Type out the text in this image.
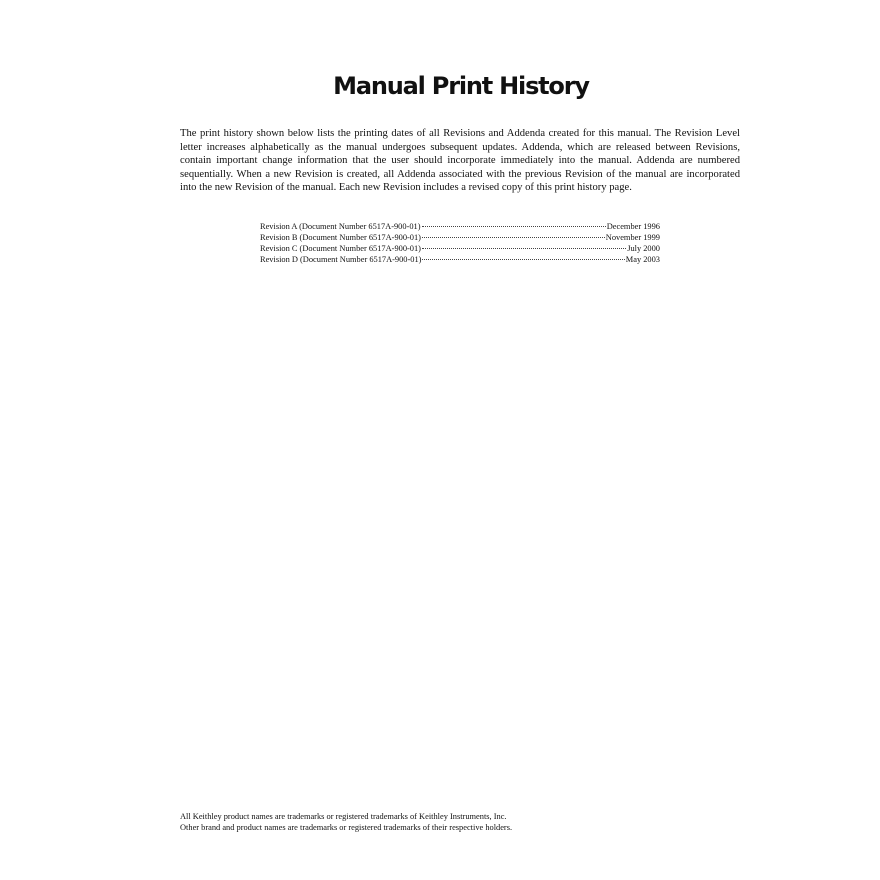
Manual Print History

The print history shown below lists the printing dates of all Revisions and Addenda created for this manual. The Revision Level letter increases alphabetically as the manual undergoes subsequent updates. Addenda, which are released between Revisions, contain important change information that the user should incorporate immediately into the manual. Addenda are numbered sequentially. When a new Revision is created, all Addenda associated with the previous Revision of the manual are incorporated into the new Revision of the manual. Each new Revision includes a revised copy of this print history page.

Revision A (Document Number 6517A-900-01)	December 1996
Revision B (Document Number 6517A-900-01)	November 1999
Revision C (Document Number 6517A-900-01)	July 2000
Revision D (Document Number 6517A-900-01)	May 2003
All Keithley product names are trademarks or registered trademarks of Keithley Instruments, Inc.
Other brand and product names are trademarks or registered trademarks of their respective holders.
